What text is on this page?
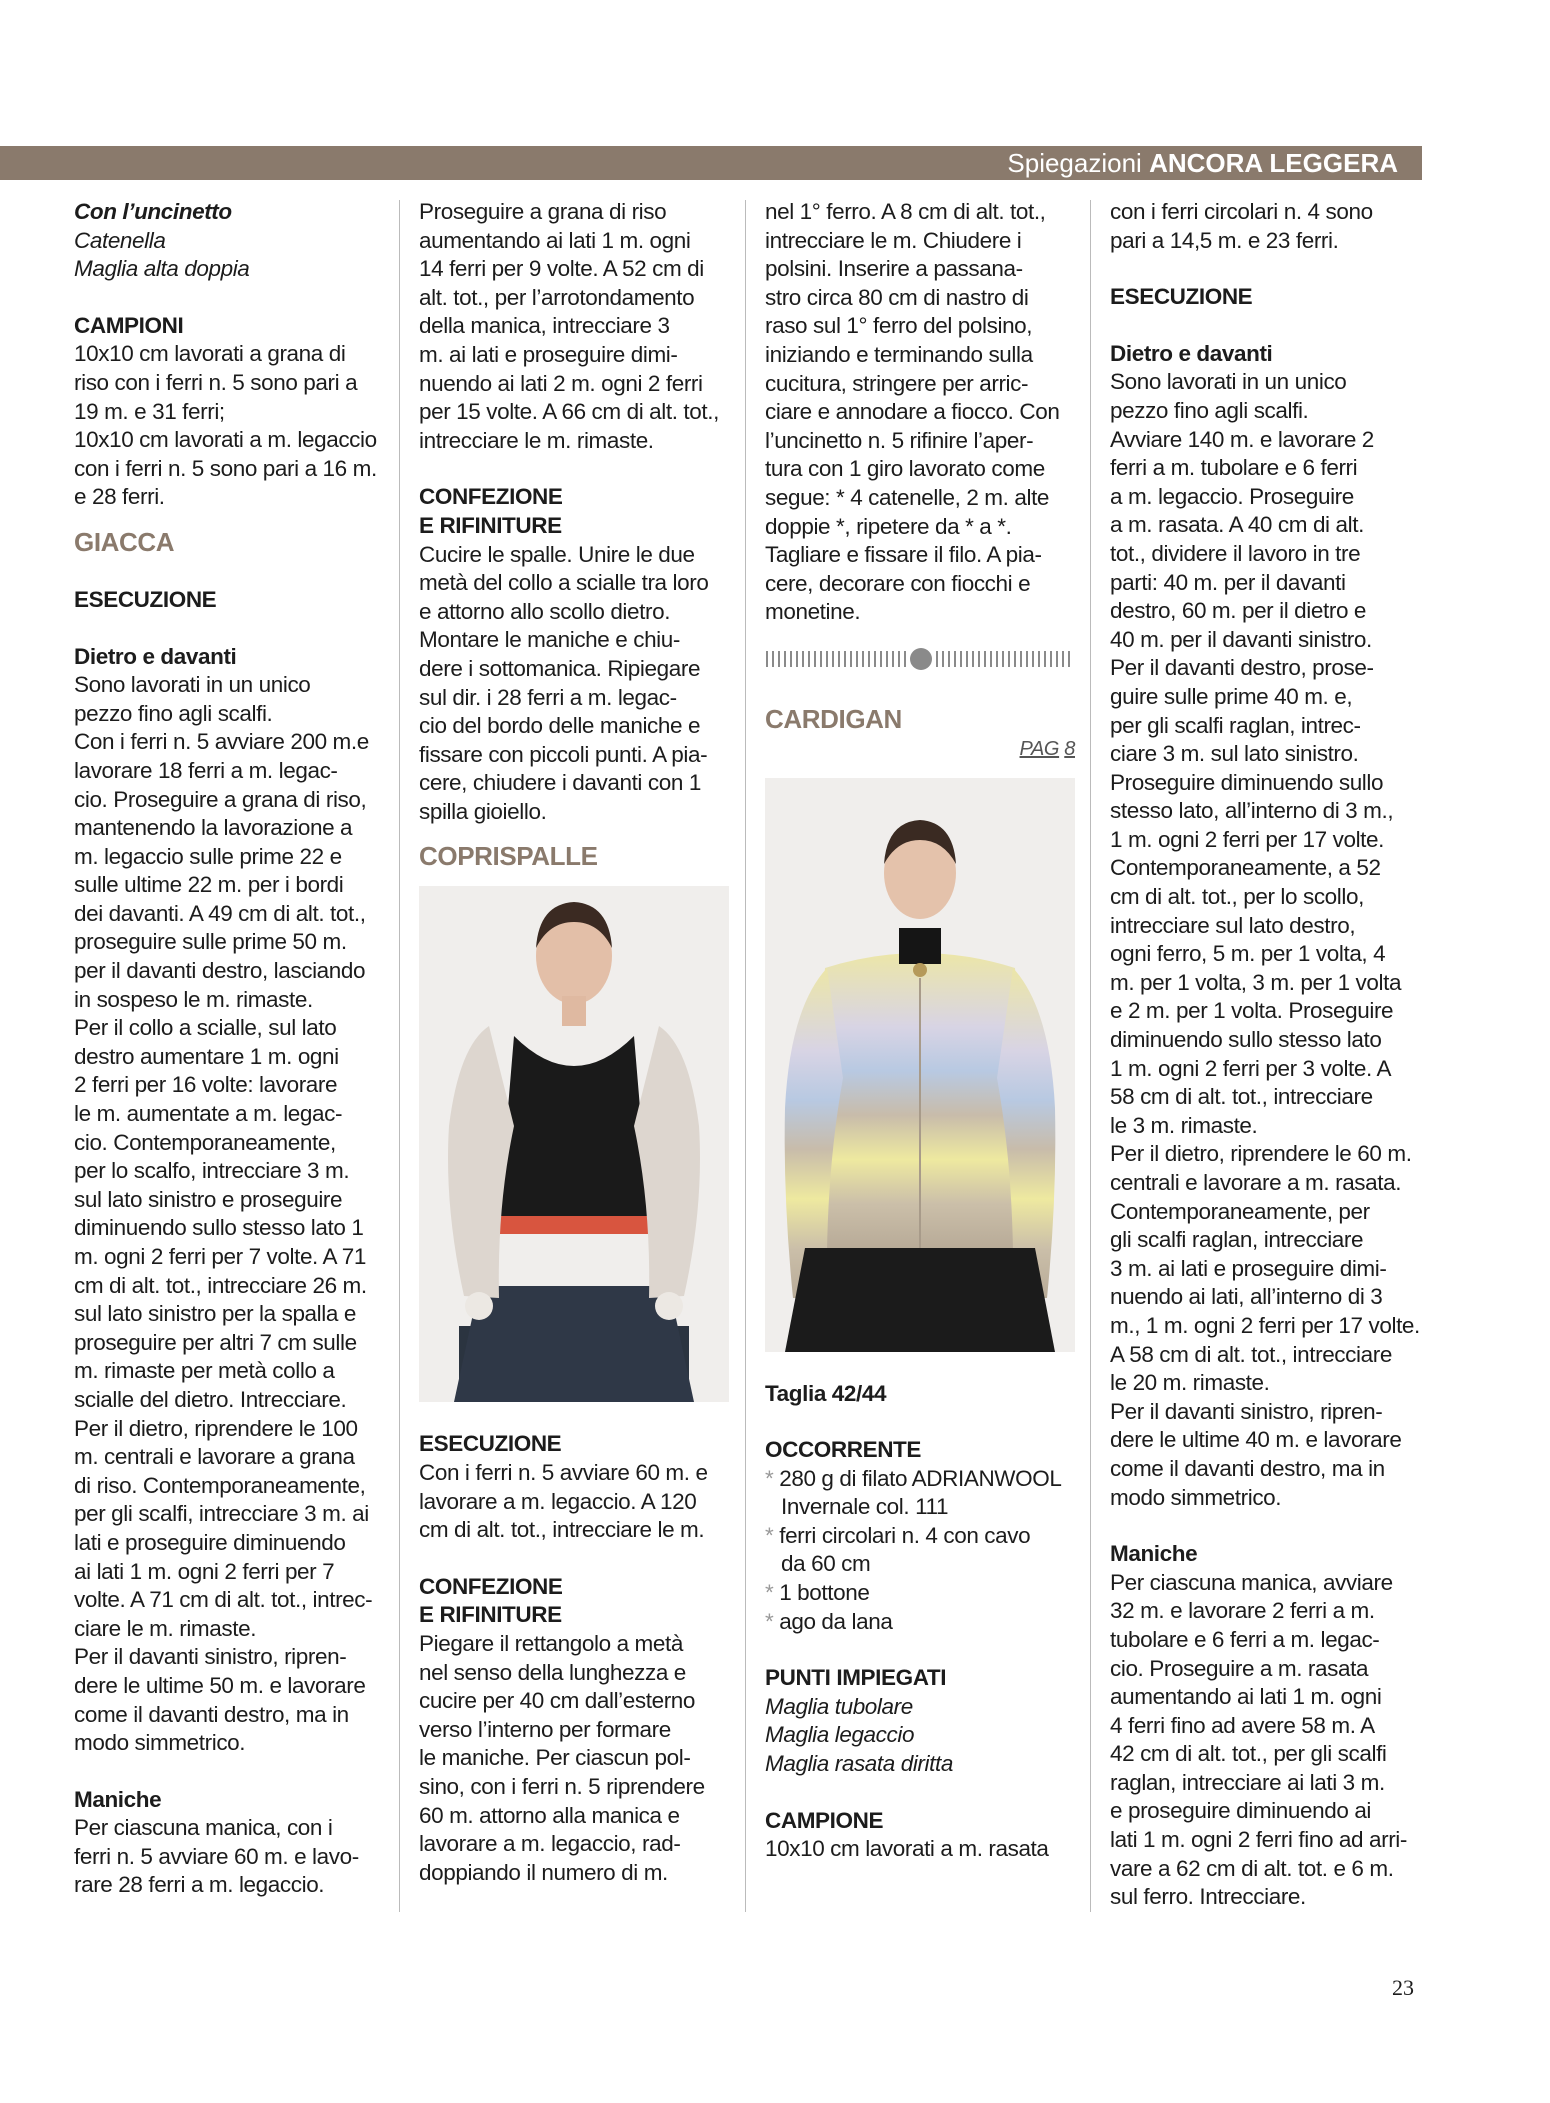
Spiegazioni ANCORA LEGGERA

Con l’uncinetto

Catenella

Maglia alta doppia

CAMPIONI

10x10 cm lavorati a grana di

riso con i ferri n. 5 sono pari a

19 m. e 31 ferri;

10x10 cm lavorati a m. legaccio

con i ferri n. 5 sono pari a 16 m.

e 28 ferri.

GIACCA

ESECUZIONE

Dietro e davanti

Sono lavorati in un unico

pezzo fino agli scalfi.

Con i ferri n. 5 avviare 200 m.e

lavorare 18 ferri a m. legac-

cio. Proseguire a grana di riso,

mantenendo la lavorazione a

m. legaccio sulle prime 22 e

sulle ultime 22 m. per i bordi

dei davanti. A 49 cm di alt. tot.,

proseguire sulle prime 50 m.

per il davanti destro, lasciando

in sospeso le m. rimaste.

Per il collo a scialle, sul lato

destro aumentare 1 m. ogni

2 ferri per 16 volte: lavorare

le m. aumentate a m. legac-

cio. Contemporaneamente,

per lo scalfo, intrecciare 3 m.

sul lato sinistro e proseguire

diminuendo sullo stesso lato 1

m. ogni 2 ferri per 7 volte. A 71

cm di alt. tot., intrecciare 26 m.

sul lato sinistro per la spalla e

proseguire per altri 7 cm sulle

m. rimaste per metà collo a

scialle del dietro. Intrecciare.

Per il dietro, riprendere le 100

m. centrali e lavorare a grana

di riso. Contemporaneamente,

per gli scalfi, intrecciare 3 m. ai

lati e proseguire diminuendo

ai lati 1 m. ogni 2 ferri per 7

volte. A 71 cm di alt. tot., intrec-

ciare le m. rimaste.

Per il davanti sinistro, ripren-

dere le ultime 50 m. e lavorare

come il davanti destro, ma in

modo simmetrico.

Maniche

Per ciascuna manica, con i

ferri n. 5 avviare 60 m. e lavo-

rare 28 ferri a m. legaccio.

Proseguire a grana di riso

aumentando ai lati 1 m. ogni

14 ferri per 9 volte. A 52 cm di

alt. tot., per l’arrotondamento

della manica, intrecciare 3

m. ai lati e proseguire dimi-

nuendo ai lati 2 m. ogni 2 ferri

per 15 volte. A 66 cm di alt. tot.,

intrecciare le m. rimaste.

CONFEZIONE

E RIFINITURE

Cucire le spalle. Unire le due

metà del collo a scialle tra loro

e attorno allo scollo dietro.

Montare le maniche e chiu-

dere i sottomanica. Ripiegare

sul dir. i 28 ferri a m. legac-

cio del bordo delle maniche e

fissare con piccoli punti. A pia-

cere, chiudere i davanti con 1

spilla gioiello.

COPRISPALLE

ESECUZIONE

Con i ferri n. 5 avviare 60 m. e

lavorare a m. legaccio. A 120

cm di alt. tot., intrecciare le m.

CONFEZIONE

E RIFINITURE

Piegare il rettangolo a metà

nel senso della lunghezza e

cucire per 40 cm dall’esterno

verso l’interno per formare

le maniche. Per ciascun pol-

sino, con i ferri n. 5 riprendere

60 m. attorno alla manica e

lavorare a m. legaccio, rad-

doppiando il numero di m.

nel 1° ferro. A 8 cm di alt. tot.,

intrecciare le m. Chiudere i

polsini. Inserire a passana-

stro circa 80 cm di nastro di

raso sul 1° ferro del polsino,

iniziando e terminando sulla

cucitura, stringere per arric-

ciare e annodare a fiocco. Con

l’uncinetto n. 5 rifinire l’aper-

tura con 1 giro lavorato come

segue: * 4 catenelle, 2 m. alte

doppie *, ripetere da * a *.

Tagliare e fissare il filo. A pia-

cere, decorare con fiocchi e

monetine.

CARDIGAN

PAG 8

Taglia 42/44

OCCORRENTE

* 280 g di filato ADRIANWOOL

Invernale col. 111

* ferri circolari n. 4 con cavo

da 60 cm

* 1 bottone

* ago da lana

PUNTI IMPIEGATI

Maglia tubolare

Maglia legaccio

Maglia rasata diritta

CAMPIONE

10x10 cm lavorati a m. rasata

con i ferri circolari n. 4 sono

pari a 14,5 m. e 23 ferri.

ESECUZIONE

Dietro e davanti

Sono lavorati in un unico

pezzo fino agli scalfi.

Avviare 140 m. e lavorare 2

ferri a m. tubolare e 6 ferri

a m. legaccio. Proseguire

a m. rasata. A 40 cm di alt.

tot., dividere il lavoro in tre

parti: 40 m. per il davanti

destro, 60 m. per il dietro e

40 m. per il davanti sinistro.

Per il davanti destro, prose-

guire sulle prime 40 m. e,

per gli scalfi raglan, intrec-

ciare 3 m. sul lato sinistro.

Proseguire diminuendo sullo

stesso lato, all’interno di 3 m.,

1 m. ogni 2 ferri per 17 volte.

Contemporaneamente, a 52

cm di alt. tot., per lo scollo,

intrecciare sul lato destro,

ogni ferro, 5 m. per 1 volta, 4

m. per 1 volta, 3 m. per 1 volta

e 2 m. per 1 volta. Proseguire

diminuendo sullo stesso lato

1 m. ogni 2 ferri per 3 volte. A

58 cm di alt. tot., intrecciare

le 3 m. rimaste.

Per il dietro, riprendere le 60 m.

centrali e lavorare a m. rasata.

Contemporaneamente, per

gli scalfi raglan, intrecciare

3 m. ai lati e proseguire dimi-

nuendo ai lati, all’interno di 3

m., 1 m. ogni 2 ferri per 17 volte.

A 58 cm di alt. tot., intrecciare

le 20 m. rimaste.

Per il davanti sinistro, ripren-

dere le ultime 40 m. e lavorare

come il davanti destro, ma in

modo simmetrico.

Maniche

Per ciascuna manica, avviare

32 m. e lavorare 2 ferri a m.

tubolare e 6 ferri a m. legac-

cio. Proseguire a m. rasata

aumentando ai lati 1 m. ogni

4 ferri fino ad avere 58 m. A

42 cm di alt. tot., per gli scalfi

raglan, intrecciare ai lati 3 m.

e proseguire diminuendo ai

lati 1 m. ogni 2 ferri fino ad arri-

vare a 62 cm di alt. tot. e 6 m.

sul ferro. Intrecciare.

23
